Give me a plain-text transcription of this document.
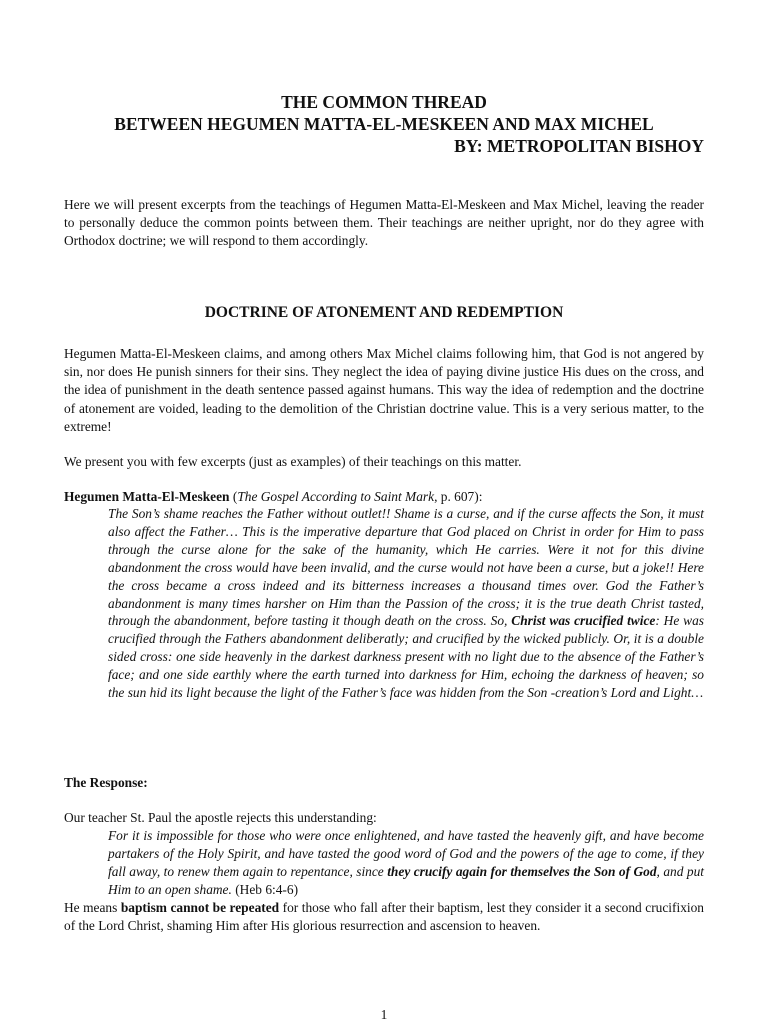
THE COMMON THREAD
BETWEEN HEGUMEN MATTA-EL-MESKEEN AND MAX MICHEL
BY: METROPOLITAN BISHOY
Here we will present excerpts from the teachings of Hegumen Matta-El-Meskeen and Max Michel, leaving the reader to personally deduce the common points between them. Their teachings are neither upright, nor do they agree with Orthodox doctrine; we will respond to them accordingly.
DOCTRINE OF ATONEMENT AND REDEMPTION
Hegumen Matta-El-Meskeen claims, and among others Max Michel claims following him, that God is not angered by sin, nor does He punish sinners for their sins. They neglect the idea of paying divine justice His dues on the cross, and the idea of punishment in the death sentence passed against humans. This way the idea of redemption and the doctrine of atonement are voided, leading to the demolition of the Christian doctrine value. This is a very serious matter, to the extreme!
We present you with few excerpts (just as examples) of their teachings on this matter.
Hegumen Matta-El-Meskeen (The Gospel According to Saint Mark, p. 607):
The Son’s shame reaches the Father without outlet!! Shame is a curse, and if the curse affects the Son, it must also affect the Father… This is the imperative departure that God placed on Christ in order for Him to pass through the curse alone for the sake of the humanity, which He carries. Were it not for this divine abandonment the cross would have been invalid, and the curse would not have been a curse, but a joke!! Here the cross became a cross indeed and its bitterness increases a thousand times over. God the Father’s abandonment is many times harsher on Him than the Passion of the cross; it is the true death Christ tasted, through the abandonment, before tasting it though death on the cross. So, Christ was crucified twice: He was crucified through the Fathers abandonment deliberatly; and crucified by the wicked publicly. Or, it is a double sided cross: one side heavenly in the darkest darkness present with no light due to the absence of the Father’s face; and one side earthly where the earth turned into darkness for Him, echoing the darkness of heaven; so the sun hid its light because the light of the Father’s face was hidden from the Son -creation’s Lord and Light…
The Response:
Our teacher St. Paul the apostle rejects this understanding:
For it is impossible for those who were once enlightened, and have tasted the heavenly gift, and have become partakers of the Holy Spirit, and have tasted the good word of God and the powers of the age to come, if they fall away, to renew them again to repentance, since they crucify again for themselves the Son of God, and put Him to an open shame. (Heb 6:4-6)
He means baptism cannot be repeated for those who fall after their baptism, lest they consider it a second crucifixion of the Lord Christ, shaming Him after His glorious resurrection and ascension to heaven.
1
